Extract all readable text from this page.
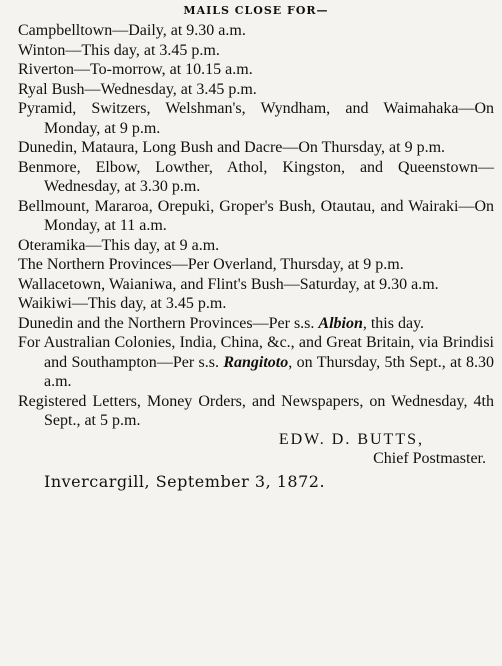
MAILS CLOSE FOR—

Campbelltown—Daily, at 9.30 a.m.

Winton—This day, at 3.45 p.m.

Riverton—To-morrow, at 10.15 a.m.

Ryal Bush—Wednesday, at 3.45 p.m.

Pyramid, Switzers, Welshman's, Wyndham, and Waimahaka—On Monday, at 9 p.m.

Dunedin, Mataura, Long Bush and Dacre—On Thursday, at 9 p.m.

Benmore, Elbow, Lowther, Athol, Kingston, and Queenstown—Wednesday, at 3.30 p.m.

Bellmount, Mararoa, Orepuki, Groper's Bush, Otautau, and Wairaki—On Monday, at 11 a.m.

Oteramika—This day, at 9 a.m.

The Northern Provinces—Per Overland, Thursday, at 9 p.m.

Wallacetown, Waianiwa, and Flint's Bush—Saturday, at 9.30 a.m.

Waikiwi—This day, at 3.45 p.m.

Dunedin and the Northern Provinces—Per s.s. Albion, this day.

For Australian Colonies, India, China, &c., and Great Britain, via Brindisi and Southampton—Per s.s. Rangitoto, on Thursday, 5th Sept., at 8.30 a.m.

Registered Letters, Money Orders, and Newspapers, on Wednesday, 4th Sept., at 5 p.m.

EDW. D. BUTTS,
Chief Postmaster.
Invercargill, September 3, 1872.
